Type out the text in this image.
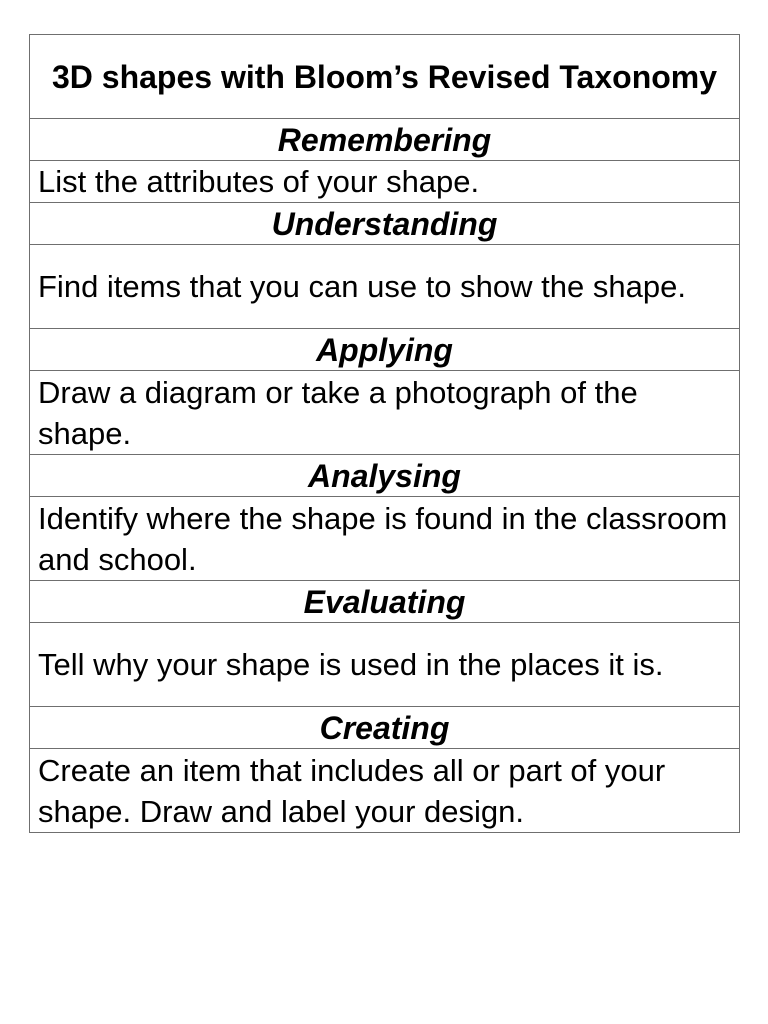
3D shapes with Bloom’s Revised Taxonomy
Remembering
List the attributes of your shape.
Understanding
Find items that you can use to show the shape.
Applying
Draw a diagram or take a photograph of the shape.
Analysing
Identify where the shape is found in the classroom and school.
Evaluating
Tell why your shape is used in the places it is.
Creating
Create an item that includes all or part of your shape. Draw and label your design.
